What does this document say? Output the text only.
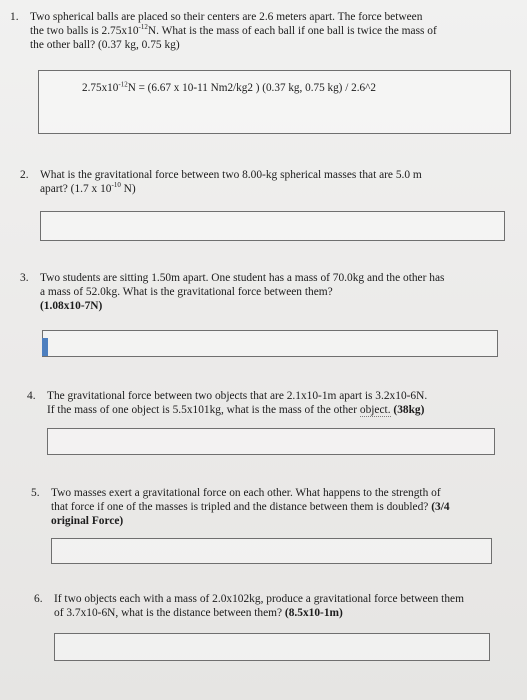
1. Two spherical balls are placed so their centers are 2.6 meters apart. The force between
the two balls is $2.75x10^{-12}N$. What is the mass of each ball if one ball is twice the mass of
the other ball? (0.37 kg, 0.75 kg)
$2.75x10^{-12}N = (6.67$ x 10-11 Nm2/kg2 ) (0.37 kg, 0.75 kg) / 2.6^2
2. What is the gravitational force between two 8.00-kg spherical masses that are 5.0 m
apart? (1.7 x $10^{-10}$ N)
3. Two students are sitting 1.50m apart. One student has a mass of 70.0kg and the other has
a mass of 52.0kg. What is the gravitational force between them?
(1.08x10-7N)
4. The gravitational force between two objects that are 2.1x10-1m apart is 3.2x10-6N.
If the mass of one object is 5.5x101kg, what is the mass of the other object. (38kg)
5. Two masses exert a gravitational force on each other. What happens to the strength of
that force if one of the masses is tripled and the distance between them is doubled? (3/4
original Force)
6. If two objects each with a mass of 2.0x102kg, produce a gravitational force between them
of 3.7x10-6N, what is the distance between them? (8.5x10-1m)
